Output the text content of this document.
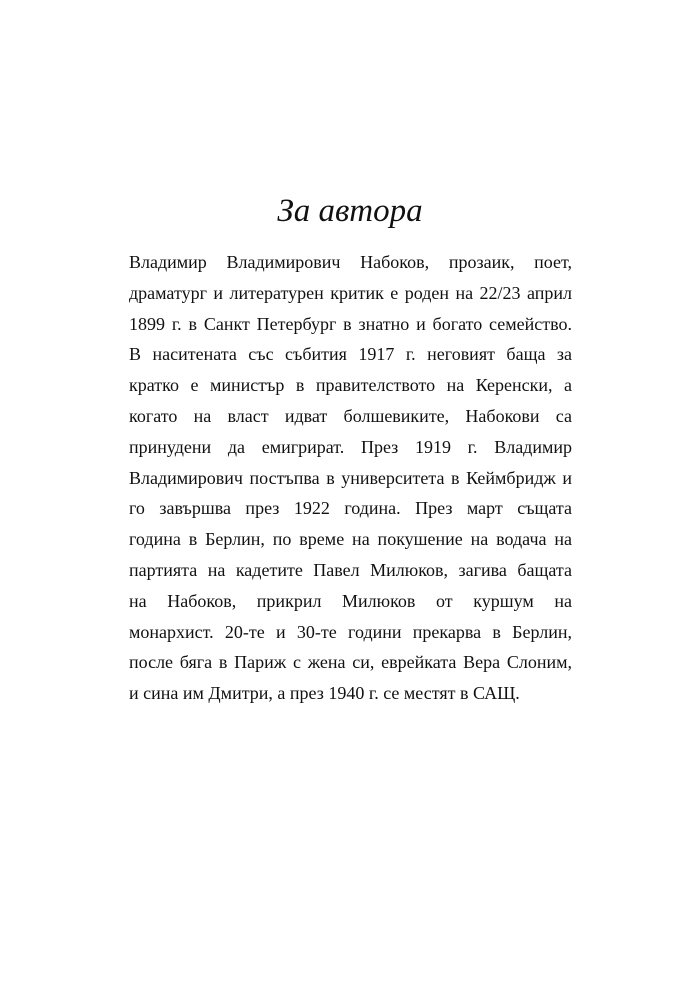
За автора
Владимир Владимирович Набоков, прозаик, поет,
драматург и литературен критик е роден на 22/23 април
1899 г. в Санкт Петербург в знатно и богато семейство.
В наситената със събития 1917 г. неговият баща за
кратко е министър в правителството на Керенски, а
когато на власт идват болшевиките, Набокови са
принудени да емигрират. През 1919 г. Владимир
Владимирович постъпва в университета в Кеймбридж и
го завършва през 1922 година. През март същата
година в Берлин, по време на покушение на водача на
партията на кадетите Павел Милюков, загива бащата
на Набоков, прикрил Милюков от куршум на
монархист. 20-те и 30-те години прекарва в Берлин,
после бяга в Париж с жена си, еврейката Вера Слоним,
и сина им Дмитри, а през 1940 г. се местят в САЩ.
